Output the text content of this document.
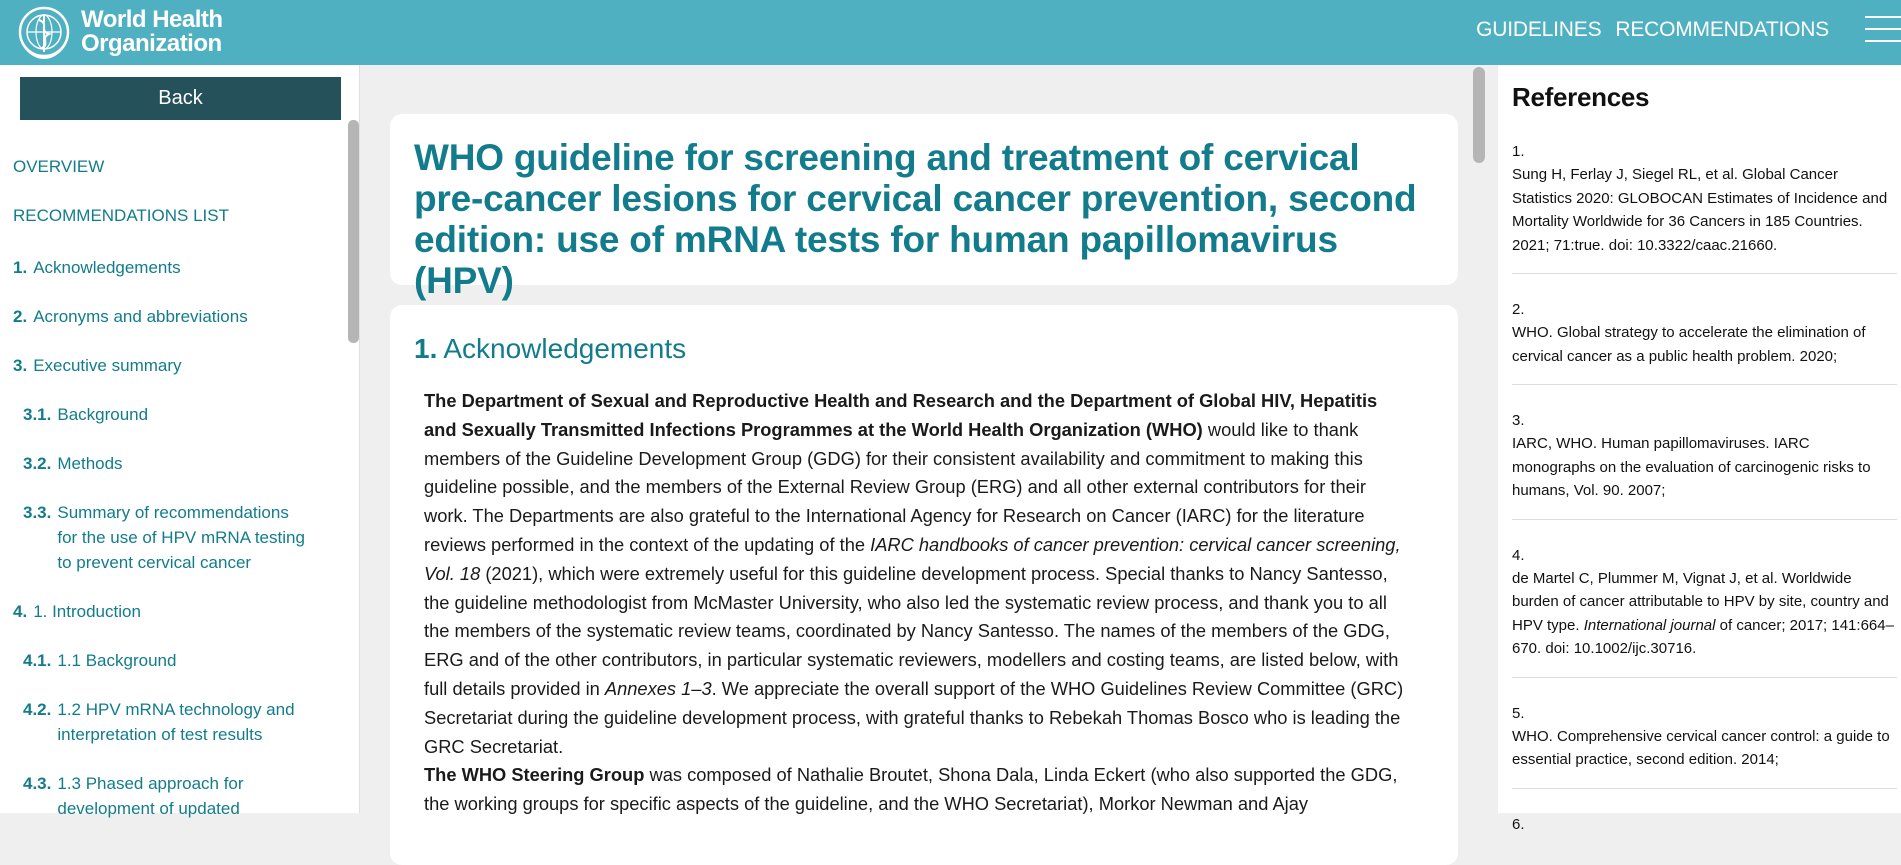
World Health
Organization
GUIDELINES RECOMMENDATIONS
Back
OVERVIEW
RECOMMENDATIONS LIST
1. Acknowledgements
2. Acronyms and abbreviations
3. Executive summary
3.1. Background
3.2. Methods
3.3. Summary of recommendations for the use of HPV mRNA testing to prevent cervical cancer
4. 1. Introduction
4.1. 1.1 Background
4.2. 1.2 HPV mRNA technology and interpretation of test results
4.3. 1.3 Phased approach for development of updated
WHO guideline for screening and treatment of cervical pre-cancer lesions for cervical cancer prevention, second edition: use of mRNA tests for human papillomavirus (HPV)
1. Acknowledgements
The Department of Sexual and Reproductive Health and Research and the Department of Global HIV, Hepatitis and Sexually Transmitted Infections Programmes at the World Health Organization (WHO) would like to thank members of the Guideline Development Group (GDG) for their consistent availability and commitment to making this guideline possible, and the members of the External Review Group (ERG) and all other external contributors for their work. The Departments are also grateful to the International Agency for Research on Cancer (IARC) for the literature reviews performed in the context of the updating of the IARC handbooks of cancer prevention: cervical cancer screening, Vol. 18 (2021), which were extremely useful for this guideline development process. Special thanks to Nancy Santesso, the guideline methodologist from McMaster University, who also led the systematic review process, and thank you to all the members of the systematic review teams, coordinated by Nancy Santesso. The names of the members of the GDG, ERG and of the other contributors, in particular systematic reviewers, modellers and costing teams, are listed below, with full details provided in Annexes 1–3. We appreciate the overall support of the WHO Guidelines Review Committee (GRC) Secretariat during the guideline development process, with grateful thanks to Rebekah Thomas Bosco who is leading the GRC Secretariat.
The WHO Steering Group was composed of Nathalie Broutet, Shona Dala, Linda Eckert (who also supported the GDG, the working groups for specific aspects of the guideline, and the WHO Secretariat), Morkor Newman and Ajay
References
1.
Sung H, Ferlay J, Siegel RL, et al. Global Cancer Statistics 2020: GLOBOCAN Estimates of Incidence and Mortality Worldwide for 36 Cancers in 185 Countries. 2021; 71:true. doi: 10.3322/caac.21660.
2.
WHO. Global strategy to accelerate the elimination of cervical cancer as a public health problem. 2020;
3.
IARC, WHO. Human papillomaviruses. IARC monographs on the evaluation of carcinogenic risks to humans, Vol. 90. 2007;
4.
de Martel C, Plummer M, Vignat J, et al. Worldwide burden of cancer attributable to HPV by site, country and HPV type. International journal of cancer; 2017; 141:664–670. doi: 10.1002/ijc.30716.
5.
WHO. Comprehensive cervical cancer control: a guide to essential practice, second edition. 2014;
6.
